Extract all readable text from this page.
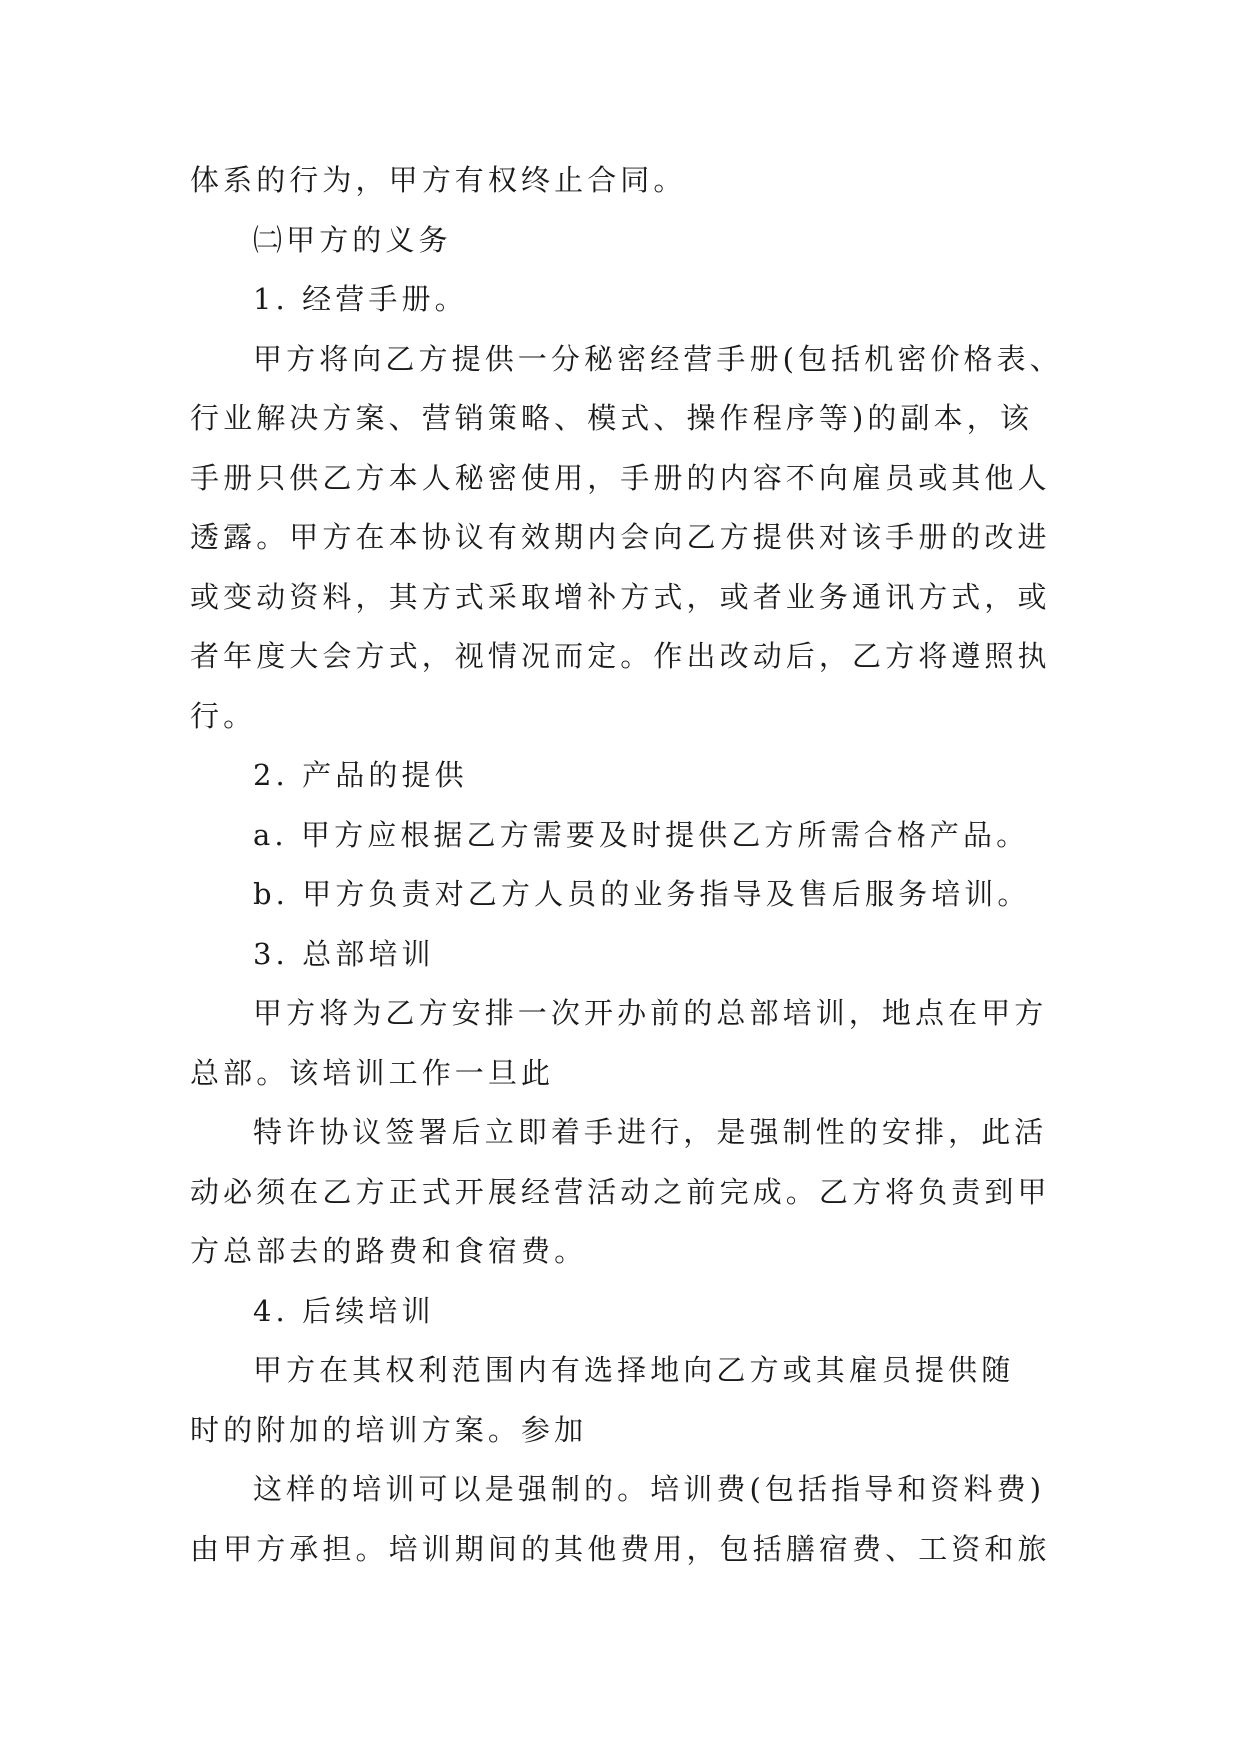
体系的行为，甲方有权终止合同。
㈡甲方的义务
1. 经营手册。
甲方将向乙方提供一分秘密经营手册(包括机密价格表、
行业解决方案、营销策略、模式、操作程序等)的副本，该
手册只供乙方本人秘密使用，手册的内容不向雇员或其他人
透露。甲方在本协议有效期内会向乙方提供对该手册的改进
或变动资料，其方式采取增补方式，或者业务通讯方式，或
者年度大会方式，视情况而定。作出改动后，乙方将遵照执
行。
2. 产品的提供
a. 甲方应根据乙方需要及时提供乙方所需合格产品。
b. 甲方负责对乙方人员的业务指导及售后服务培训。
3. 总部培训
甲方将为乙方安排一次开办前的总部培训，地点在甲方
总部。该培训工作一旦此
特许协议签署后立即着手进行，是强制性的安排，此活
动必须在乙方正式开展经营活动之前完成。乙方将负责到甲
方总部去的路费和食宿费。
4. 后续培训
甲方在其权利范围内有选择地向乙方或其雇员提供随
时的附加的培训方案。参加
这样的培训可以是强制的。培训费(包括指导和资料费)
由甲方承担。培训期间的其他费用，包括膳宿费、工资和旅
